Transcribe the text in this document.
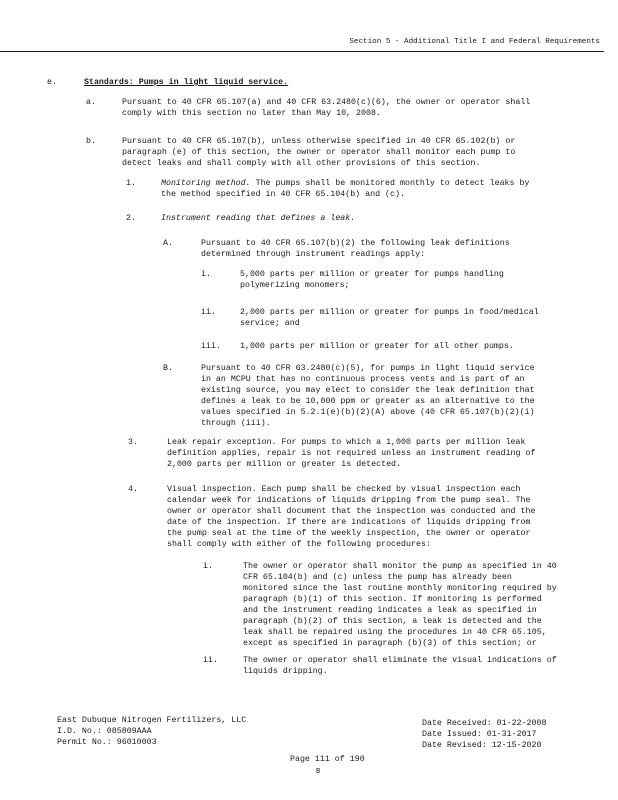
Section 5 - Additional Title I and Federal Requirements
e.	Standards: Pumps in light liquid service.
a.	Pursuant to 40 CFR 65.107(a) and 40 CFR 63.2480(c)(6), the owner or operator shall
comply with this section no later than May 10, 2008.
b.	Pursuant to 40 CFR 65.107(b), unless otherwise specified in 40 CFR 65.102(b) or
paragraph (e) of this section, the owner or operator shall monitor each pump to
detect leaks and shall comply with all other provisions of this section.
1.	Monitoring method. The pumps shall be monitored monthly to detect leaks by
the method specified in 40 CFR 65.104(b) and (c).
2.	Instrument reading that defines a leak.
A.	Pursuant to 40 CFR 65.107(b)(2) the following leak definitions
determined through instrument readings apply:
i.	5,000 parts per million or greater for pumps handling
polymerizing monomers;
ii.	2,000 parts per million or greater for pumps in food/medical
service; and
iii. 1,000 parts per million or greater for all other pumps.
B.	Pursuant to 40 CFR 63.2480(c)(5), for pumps in light liquid service
in an MCPU that has no continuous process vents and is part of an
existing source, you may elect to consider the leak definition that
defines a leak to be 10,000 ppm or greater as an alternative to the
values specified in 5.2.1(e)(b)(2)(A) above (40 CFR 65.107(b)(2)(i)
through (iii).
3.	Leak repair exception. For pumps to which a 1,000 parts per million leak
definition applies, repair is not required unless an instrument reading of
2,000 parts per million or greater is detected.
4.	Visual inspection. Each pump shall be checked by visual inspection each
calendar week for indications of liquids dripping from the pump seal. The
owner or operator shall document that the inspection was conducted and the
date of the inspection. If there are indications of liquids dripping from
the pump seal at the time of the weekly inspection, the owner or operator
shall comply with either of the following procedures:
i.	The owner or operator shall monitor the pump as specified in 40
CFR 65.104(b) and (c) unless the pump has already been
monitored since the last routine monthly monitoring required by
paragraph (b)(1) of this section. If monitoring is performed
and the instrument reading indicates a leak as specified in
paragraph (b)(2) of this section, a leak is detected and the
leak shall be repaired using the procedures in 40 CFR 65.105,
except as specified in paragraph (b)(3) of this section; or
ii.	The owner or operator shall eliminate the visual indications of
liquids dripping.
East Dubuque Nitrogen Fertilizers, LLC
I.D. No.: 085809AAA
Permit No.: 96010003
Date Received: 01-22-2008
Date Issued: 01-31-2017
Date Revised: 12-15-2020
Page 111 of 190
B
